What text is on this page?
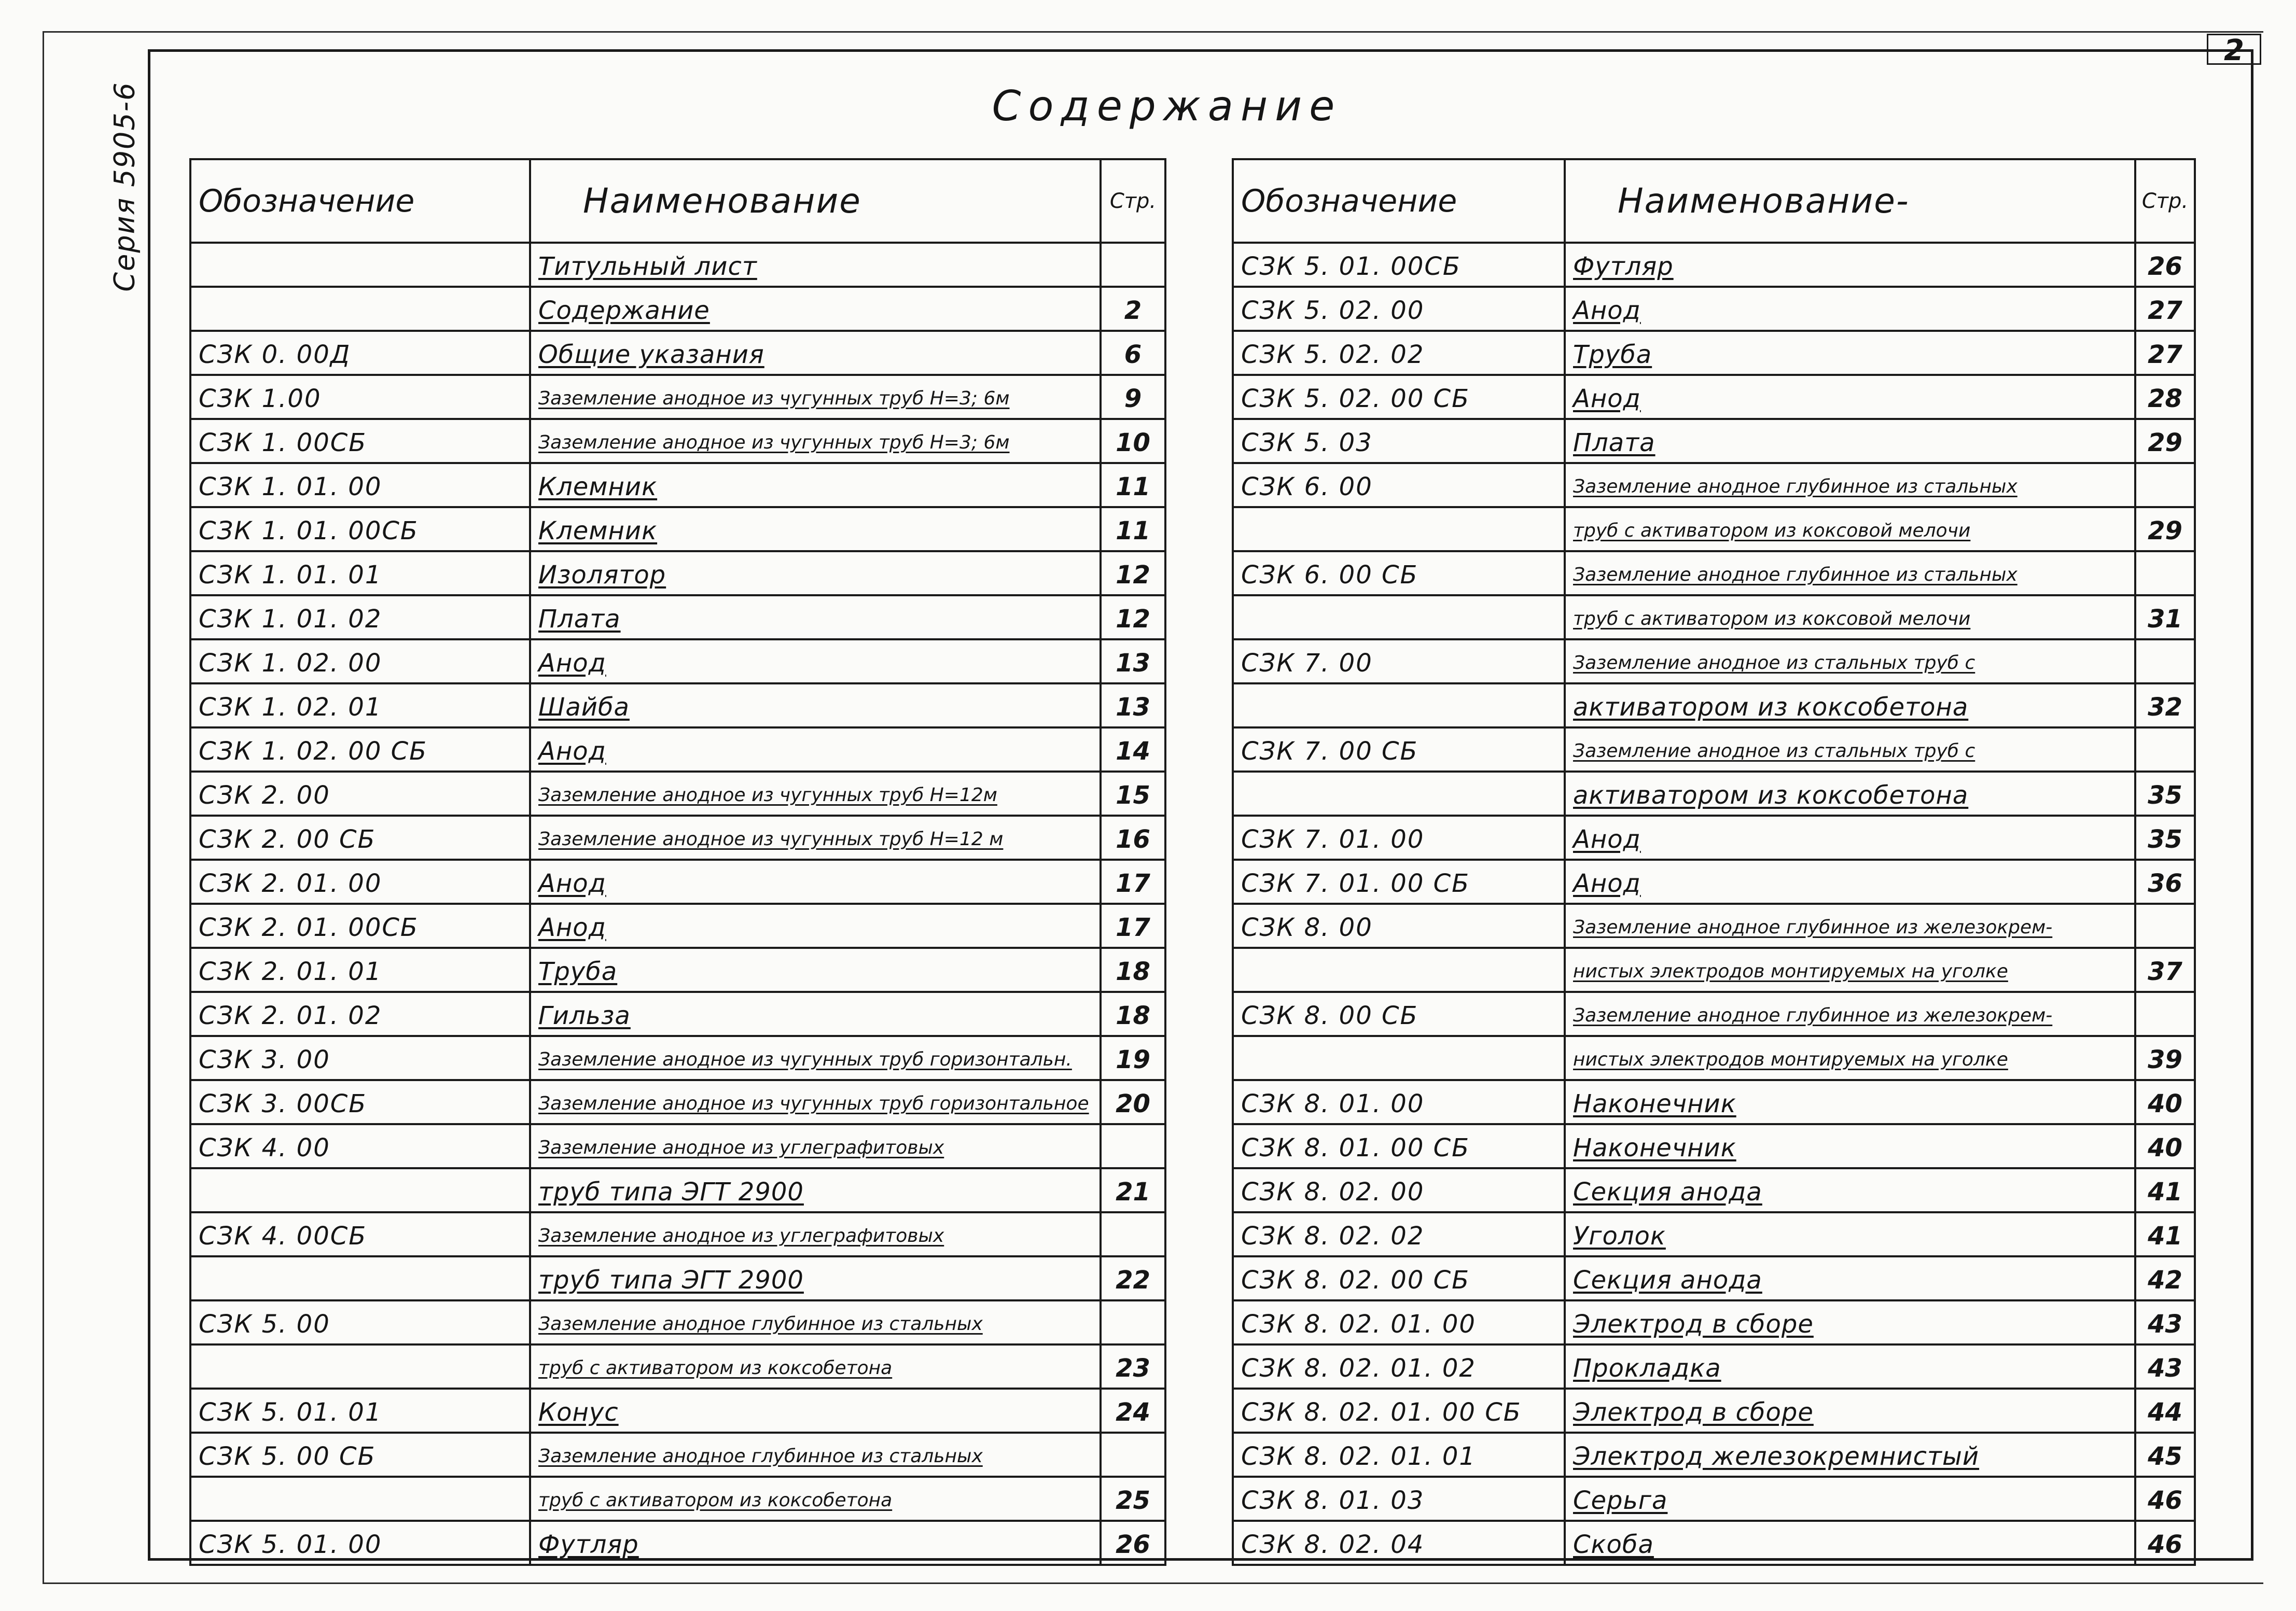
Серия 5905-6
2
Содержание
Обозначение	Наименование	Стр.
	Титульный лист	
	Содержание	2
СЗК 0. 00Д	Общие указания	6
СЗК 1.00	Заземление анодное из чугунных труб Н=3; 6м	9
СЗК 1. 00СБ	Заземление анодное из чугунных труб Н=3; 6м	10
СЗК 1. 01. 00	Клемник	11
СЗК 1. 01. 00СБ	Клемник	11
СЗК 1. 01. 01	Изолятор	12
СЗК 1. 01. 02	Плата	12
СЗК 1. 02. 00	Анод	13
СЗК 1. 02. 01	Шайба	13
СЗК 1. 02. 00 СБ	Анод	14
СЗК 2. 00	Заземление анодное из чугунных труб Н=12м	15
СЗК 2. 00 СБ	Заземление анодное из чугунных труб Н=12 м	16
СЗК 2. 01. 00	Анод	17
СЗК 2. 01. 00СБ	Анод	17
СЗК 2. 01. 01	Труба	18
СЗК 2. 01. 02	Гильза	18
СЗК 3. 00	Заземление анодное из чугунных труб горизонтальн.	19
СЗК 3. 00СБ	Заземление анодное из чугунных труб горизонтальное	20
СЗК 4. 00	Заземление анодное из углеграфитовых	
	труб типа ЭГТ 2900	21
СЗК 4. 00СБ	Заземление анодное из углеграфитовых	
	труб типа ЭГТ 2900	22
СЗК 5. 00	Заземление анодное глубинное из стальных	
	труб с активатором из коксобетона	23
СЗК 5. 01. 01	Конус	24
СЗК 5. 00 СБ	Заземление анодное глубинное из стальных	
	труб с активатором из коксобетона	25
СЗК 5. 01. 00	Футляр	26
Обозначение	Наименование-	Стр.
СЗК 5. 01. 00СБ	Футляр	26
СЗК 5. 02. 00	Анод	27
СЗК 5. 02. 02	Труба	27
СЗК 5. 02. 00 СБ	Анод	28
СЗК 5. 03	Плата	29
СЗК 6. 00	Заземление анодное глубинное из стальных	
	труб с активатором из коксовой мелочи	29
СЗК 6. 00 СБ	Заземление анодное глубинное из стальных	
	труб с активатором из коксовой мелочи	31
СЗК 7. 00	Заземление анодное из стальных труб с	
	активатором из коксобетона	32
СЗК 7. 00 СБ	Заземление анодное из стальных труб с	
	активатором из коксобетона	35
СЗК 7. 01. 00	Анод	35
СЗК 7. 01. 00 СБ	Анод	36
СЗК 8. 00	Заземление анодное глубинное из железокрем-	
	нистых электродов монтируемых на уголке	37
СЗК 8. 00 СБ	Заземление анодное глубинное из железокрем-	
	нистых электродов монтируемых на уголке	39
СЗК 8. 01. 00	Наконечник	40
СЗК 8. 01. 00 СБ	Наконечник	40
СЗК 8. 02. 00	Секция анода	41
СЗК 8. 02. 02	Уголок	41
СЗК 8. 02. 00 СБ	Секция анода	42
СЗК 8. 02. 01. 00	Электрод в сборе	43
СЗК 8. 02. 01. 02	Прокладка	43
СЗК 8. 02. 01. 00 СБ	Электрод в сборе	44
СЗК 8. 02. 01. 01	Электрод железокремнистый	45
СЗК 8. 01. 03	Серьга	46
СЗК 8. 02. 04	Скоба	46
